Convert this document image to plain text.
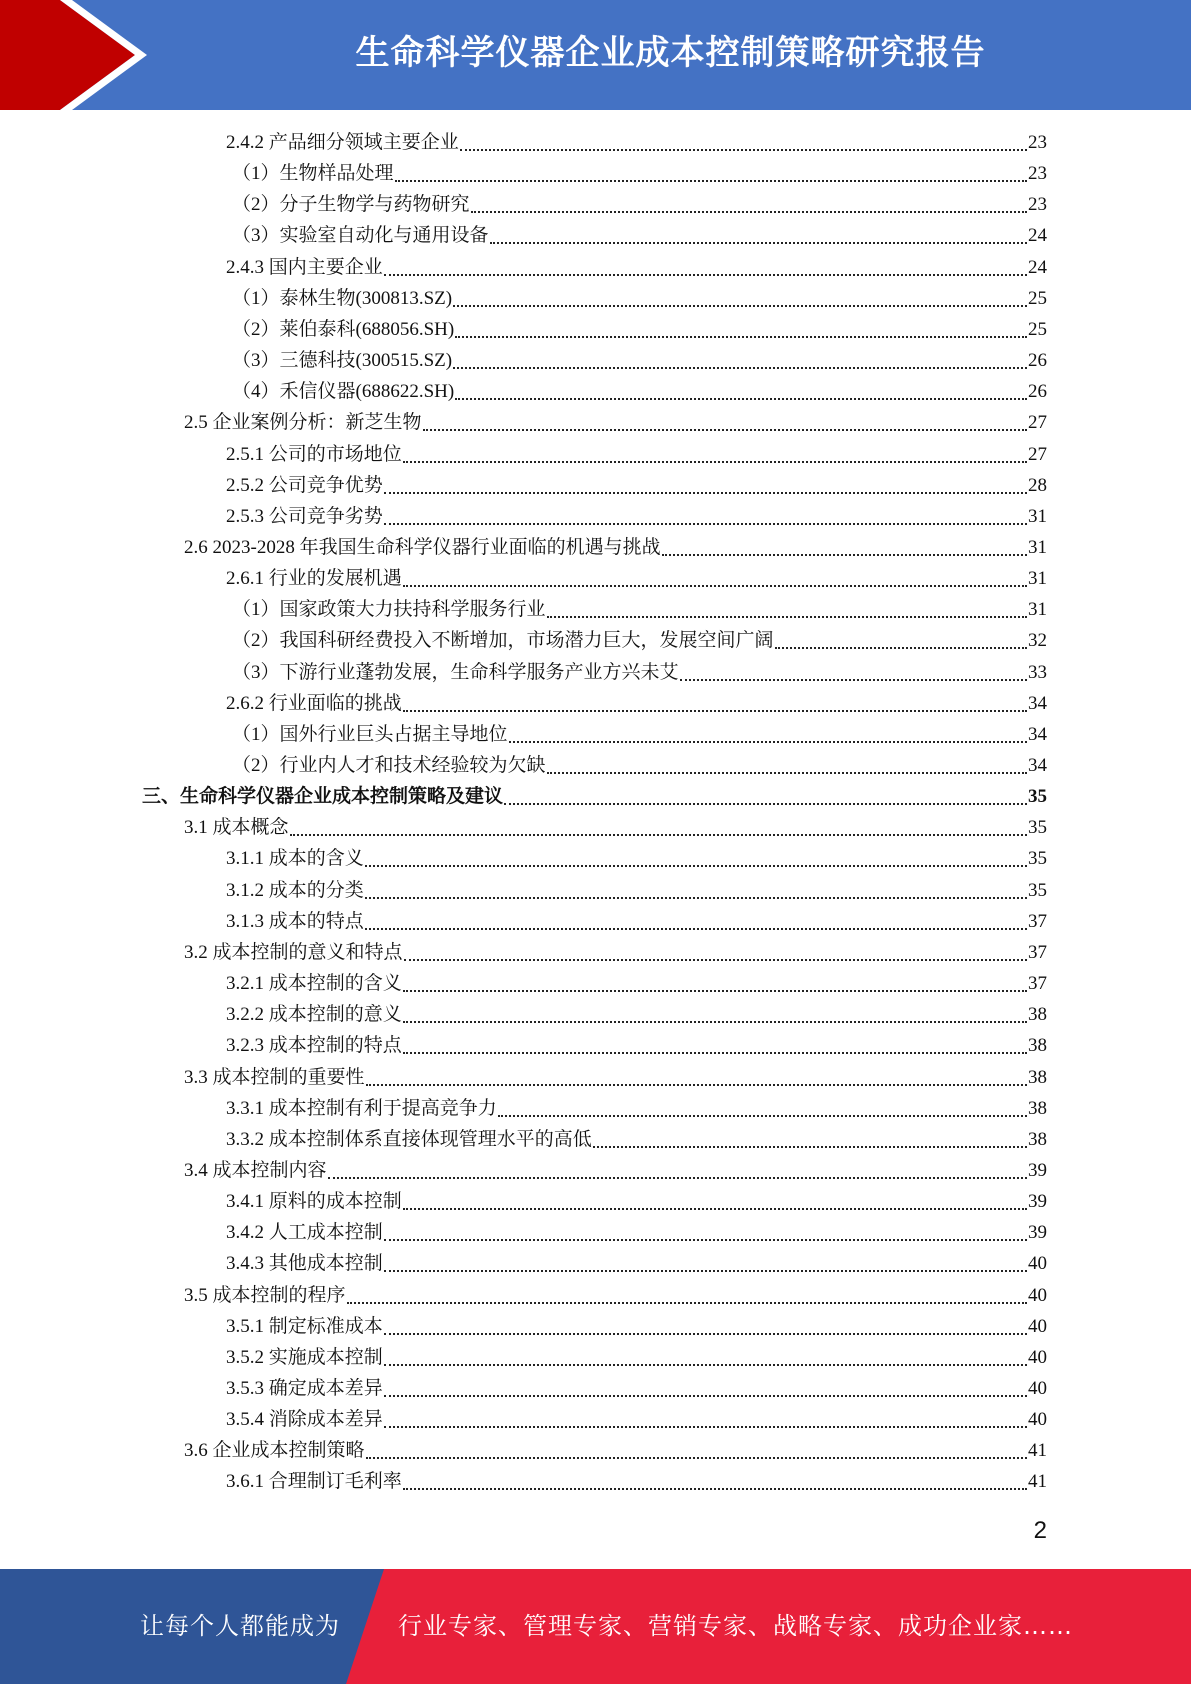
生命科学仪器企业成本控制策略研究报告
2.4.2 产品细分领域主要企业	23
（1）生物样品处理	23
（2）分子生物学与药物研究	23
（3）实验室自动化与通用设备	24
2.4.3 国内主要企业	24
（1）泰林生物(300813.SZ)	25
（2）莱伯泰科(688056.SH)	25
（3）三德科技(300515.SZ)	26
（4）禾信仪器(688622.SH)	26
2.5 企业案例分析：新芝生物	27
2.5.1 公司的市场地位	27
2.5.2 公司竞争优势	28
2.5.3 公司竞争劣势	31
2.6 2023-2028 年我国生命科学仪器行业面临的机遇与挑战	31
2.6.1 行业的发展机遇	31
（1）国家政策大力扶持科学服务行业	31
（2）我国科研经费投入不断增加，市场潜力巨大，发展空间广阔	32
（3）下游行业蓬勃发展，生命科学服务产业方兴未艾	33
2.6.2 行业面临的挑战	34
（1）国外行业巨头占据主导地位	34
（2）行业内人才和技术经验较为欠缺	34
三、生命科学仪器企业成本控制策略及建议	35
3.1 成本概念	35
3.1.1 成本的含义	35
3.1.2 成本的分类	35
3.1.3 成本的特点	37
3.2 成本控制的意义和特点	37
3.2.1 成本控制的含义	37
3.2.2 成本控制的意义	38
3.2.3 成本控制的特点	38
3.3 成本控制的重要性	38
3.3.1 成本控制有利于提高竞争力	38
3.3.2 成本控制体系直接体现管理水平的高低	38
3.4 成本控制内容	39
3.4.1 原料的成本控制	39
3.4.2 人工成本控制	39
3.4.3 其他成本控制	40
3.5 成本控制的程序	40
3.5.1 制定标准成本	40
3.5.2 实施成本控制	40
3.5.3 确定成本差异	40
3.5.4 消除成本差异	40
3.6 企业成本控制策略	41
3.6.1 合理制订毛利率	41
2
让每个人都能成为 行业专家、管理专家、营销专家、战略专家、成功企业家……
